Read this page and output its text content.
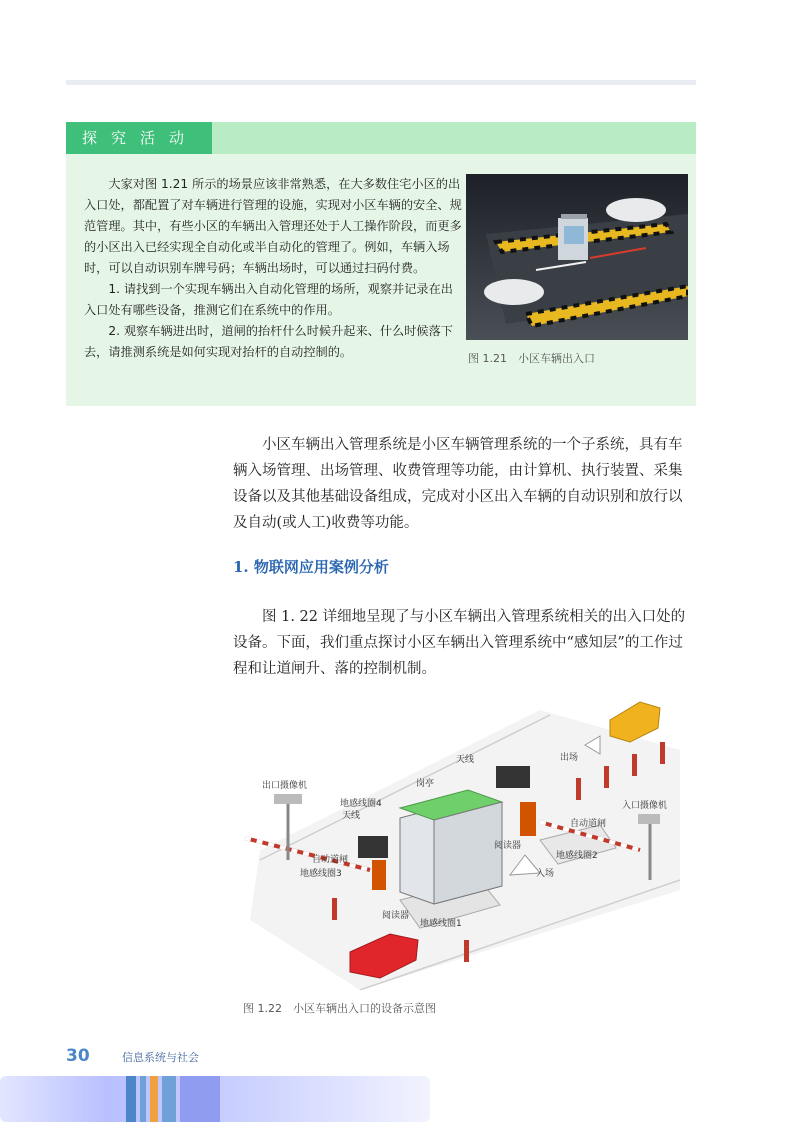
探究活动

大家对图 1.21 所示的场景应该非常熟悉，在大多数住宅小区的出入口处，都配置了对车辆进行管理的设施，实现对小区车辆的安全、规范管理。其中，有些小区的车辆出入管理还处于人工操作阶段，而更多的小区出入已经实现全自动化或半自动化的管理了。例如，车辆入场时，可以自动识别车牌号码；车辆出场时，可以通过扫码付费。

1. 请找到一个实现车辆出入自动化管理的场所，观察并记录在出入口处有哪些设备，推测它们在系统中的作用。

2. 观察车辆进出时，道闸的抬杆什么时候升起来、什么时候落下去，请推测系统是如何实现对抬杆的自动控制的。	图 1.21　小区车辆出入口

小区车辆出入管理系统是小区车辆管理系统的一个子系统，具有车辆入场管理、出场管理、收费管理等功能，由计算机、执行装置、采集设备以及其他基础设备组成，完成对小区出入车辆的自动识别和放行以及自动(或人工)收费等功能。

1. 物联网应用案例分析

图 1. 22 详细地呈现了与小区车辆出入管理系统相关的出入口处的设备。下面，我们重点探讨小区车辆出入管理系统中“感知层”的工作过程和让道闸升、落的控制机制。

出口摄像机
天线
岗亭
出场
地感线圈4
天线
入口摄像机
自动道闸
阅读器
自动道闸
地感线圈3
地感线圈2
入场
阅读器
地感线圈1
图 1.22　小区车辆出入口的设备示意图
30	信息系统与社会
